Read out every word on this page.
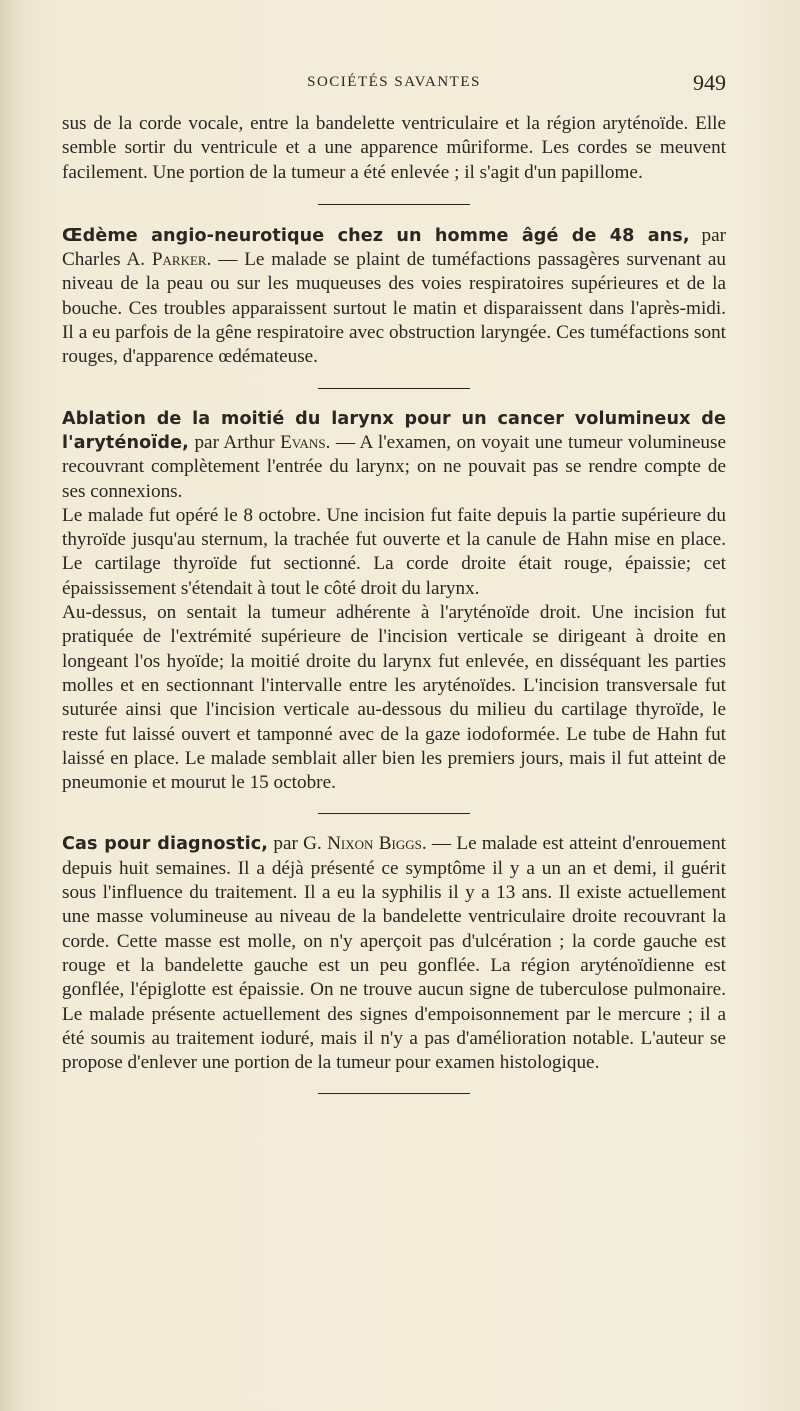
SOCIÉTÉS SAVANTES	949

sus de la corde vocale, entre la bandelette ventriculaire et la région aryténoïde. Elle semble sortir du ventricule et a une apparence mûriforme. Les cordes se meuvent facilement. Une portion de la tumeur a été enlevée ; il s'agit d'un papillome.

Œdème angio-neurotique chez un homme âgé de 48 ans, par Charles A. Parker. — Le malade se plaint de tuméfactions passagères survenant au niveau de la peau ou sur les muqueuses des voies respiratoires supérieures et de la bouche. Ces troubles apparaissent surtout le matin et disparaissent dans l'après-midi. Il a eu parfois de la gêne respiratoire avec obstruction laryngée. Ces tuméfactions sont rouges, d'apparence œdémateuse.

Ablation de la moitié du larynx pour un cancer volumineux de l'aryténoïde, par Arthur Evans. — A l'examen, on voyait une tumeur volumineuse recouvrant complètement l'entrée du larynx; on ne pouvait pas se rendre compte de ses connexions.

Le malade fut opéré le 8 octobre. Une incision fut faite depuis la partie supérieure du thyroïde jusqu'au sternum, la trachée fut ouverte et la canule de Hahn mise en place. Le cartilage thyroïde fut sectionné. La corde droite était rouge, épaissie; cet épaississement s'étendait à tout le côté droit du larynx.

Au-dessus, on sentait la tumeur adhérente à l'aryténoïde droit. Une incision fut pratiquée de l'extrémité supérieure de l'incision verticale se dirigeant à droite en longeant l'os hyoïde; la moitié droite du larynx fut enlevée, en disséquant les parties molles et en sectionnant l'intervalle entre les aryténoïdes. L'incision transversale fut suturée ainsi que l'incision verticale au-dessous du milieu du cartilage thyroïde, le reste fut laissé ouvert et tamponné avec de la gaze iodoformée. Le tube de Hahn fut laissé en place. Le malade semblait aller bien les premiers jours, mais il fut atteint de pneumonie et mourut le 15 octobre.

Cas pour diagnostic, par G. Nixon Biggs. — Le malade est atteint d'enrouement depuis huit semaines. Il a déjà présenté ce symptôme il y a un an et demi, il guérit sous l'influence du traitement. Il a eu la syphilis il y a 13 ans. Il existe actuellement une masse volumineuse au niveau de la bandelette ventriculaire droite recouvrant la corde. Cette masse est molle, on n'y aperçoit pas d'ulcération ; la corde gauche est rouge et la bandelette gauche est un peu gonflée. La région aryténoïdienne est gonflée, l'épiglotte est épaissie. On ne trouve aucun signe de tuberculose pulmonaire. Le malade présente actuellement des signes d'empoisonnement par le mercure ; il a été soumis au traitement ioduré, mais il n'y a pas d'amélioration notable. L'auteur se propose d'enlever une portion de la tumeur pour examen histologique.
